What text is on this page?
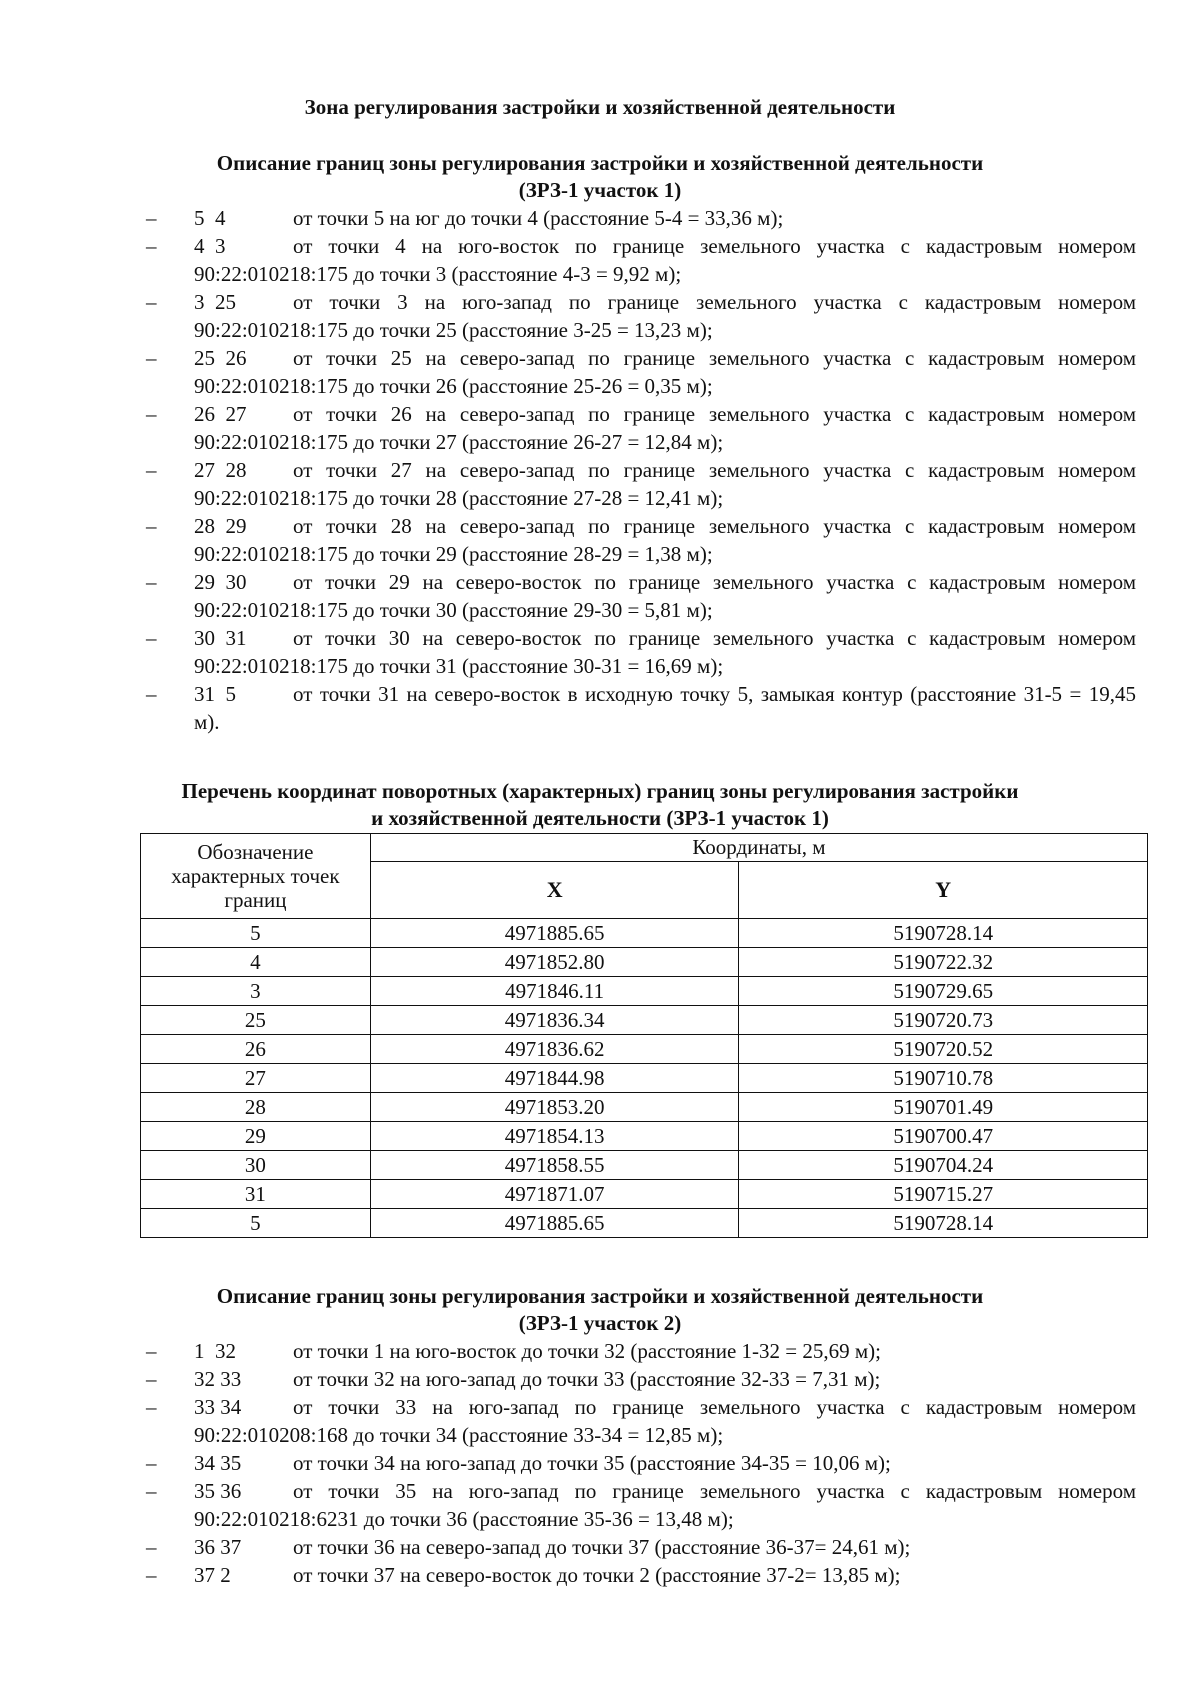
Зона регулирования застройки и хозяйственной деятельности
Описание границ зоны регулирования застройки и хозяйственной деятельности
(ЗРЗ-1 участок 1)
–	5  4	от точки 5 на юг до точки 4 (расстояние 5-4 = 33,36 м);
–	4  3	от точки 4 на юго-восток по границе земельного участка с кадастровым номером 90:22:010218:175 до точки 3 (расстояние 4-3 = 9,92 м);
–	3  25	от точки 3 на юго-запад по границе земельного участка с кадастровым номером 90:22:010218:175 до точки 25 (расстояние 3-25 = 13,23 м);
–	25  26 от точки 25 на северо-запад по границе земельного участка с кадастровым номером 90:22:010218:175 до точки 26 (расстояние 25-26 = 0,35 м);
–	26  27 от точки 26 на северо-запад по границе земельного участка с кадастровым номером 90:22:010218:175 до точки 27 (расстояние 26-27 = 12,84 м);
–	27  28 от точки 27 на северо-запад по границе земельного участка с кадастровым номером 90:22:010218:175 до точки 28 (расстояние 27-28 = 12,41 м);
–	28  29 от точки 28 на северо-запад по границе земельного участка с кадастровым номером 90:22:010218:175 до точки 29 (расстояние 28-29 = 1,38 м);
–	29  30 от точки 29 на северо-восток по границе земельного участка с кадастровым номером 90:22:010218:175 до точки 30 (расстояние 29-30 = 5,81 м);
–	30  31 от точки 30 на северо-восток по границе земельного участка с кадастровым номером 90:22:010218:175 до точки 31 (расстояние 30-31 = 16,69 м);
–	31  5	от точки 31 на северо-восток в исходную точку 5, замыкая контур (расстояние 31-5 = 19,45 м).
Перечень координат поворотных (характерных) границ зоны регулирования застройки
и хозяйственной деятельности (ЗРЗ-1 участок 1)
Обозначение характерных точек границ	Координаты, м	
	X	Y
5	4971885.65	5190728.14
4	4971852.80	5190722.32
3	4971846.11	5190729.65
25	4971836.34	5190720.73
26	4971836.62	5190720.52
27	4971844.98	5190710.78
28	4971853.20	5190701.49
29	4971854.13	5190700.47
30	4971858.55	5190704.24
31	4971871.07	5190715.27
5	4971885.65	5190728.14
Описание границ зоны регулирования застройки и хозяйственной деятельности
(ЗРЗ-1 участок 2)
–	1  32	от точки 1 на юго-восток до точки 32 (расстояние 1-32 = 25,69 м);
–	32 33 от точки 32 на юго-запад до точки 33 (расстояние 32-33 = 7,31 м);
–	33 34 от точки 33 на юго-запад по границе земельного участка с кадастровым номером 90:22:010208:168 до точки 34 (расстояние 33-34 = 12,85 м);
–	34 35 от точки 34 на юго-запад до точки 35 (расстояние 34-35 = 10,06 м);
–	35 36 от точки 35 на юго-запад по границе земельного участка с кадастровым номером 90:22:010218:6231 до точки 36 (расстояние 35-36 = 13,48 м);
–	36 37 от точки 36 на северо-запад до точки 37 (расстояние 36-37= 24,61 м);
–	37 2	от точки 37 на северо-восток до точки 2 (расстояние 37-2= 13,85 м);
